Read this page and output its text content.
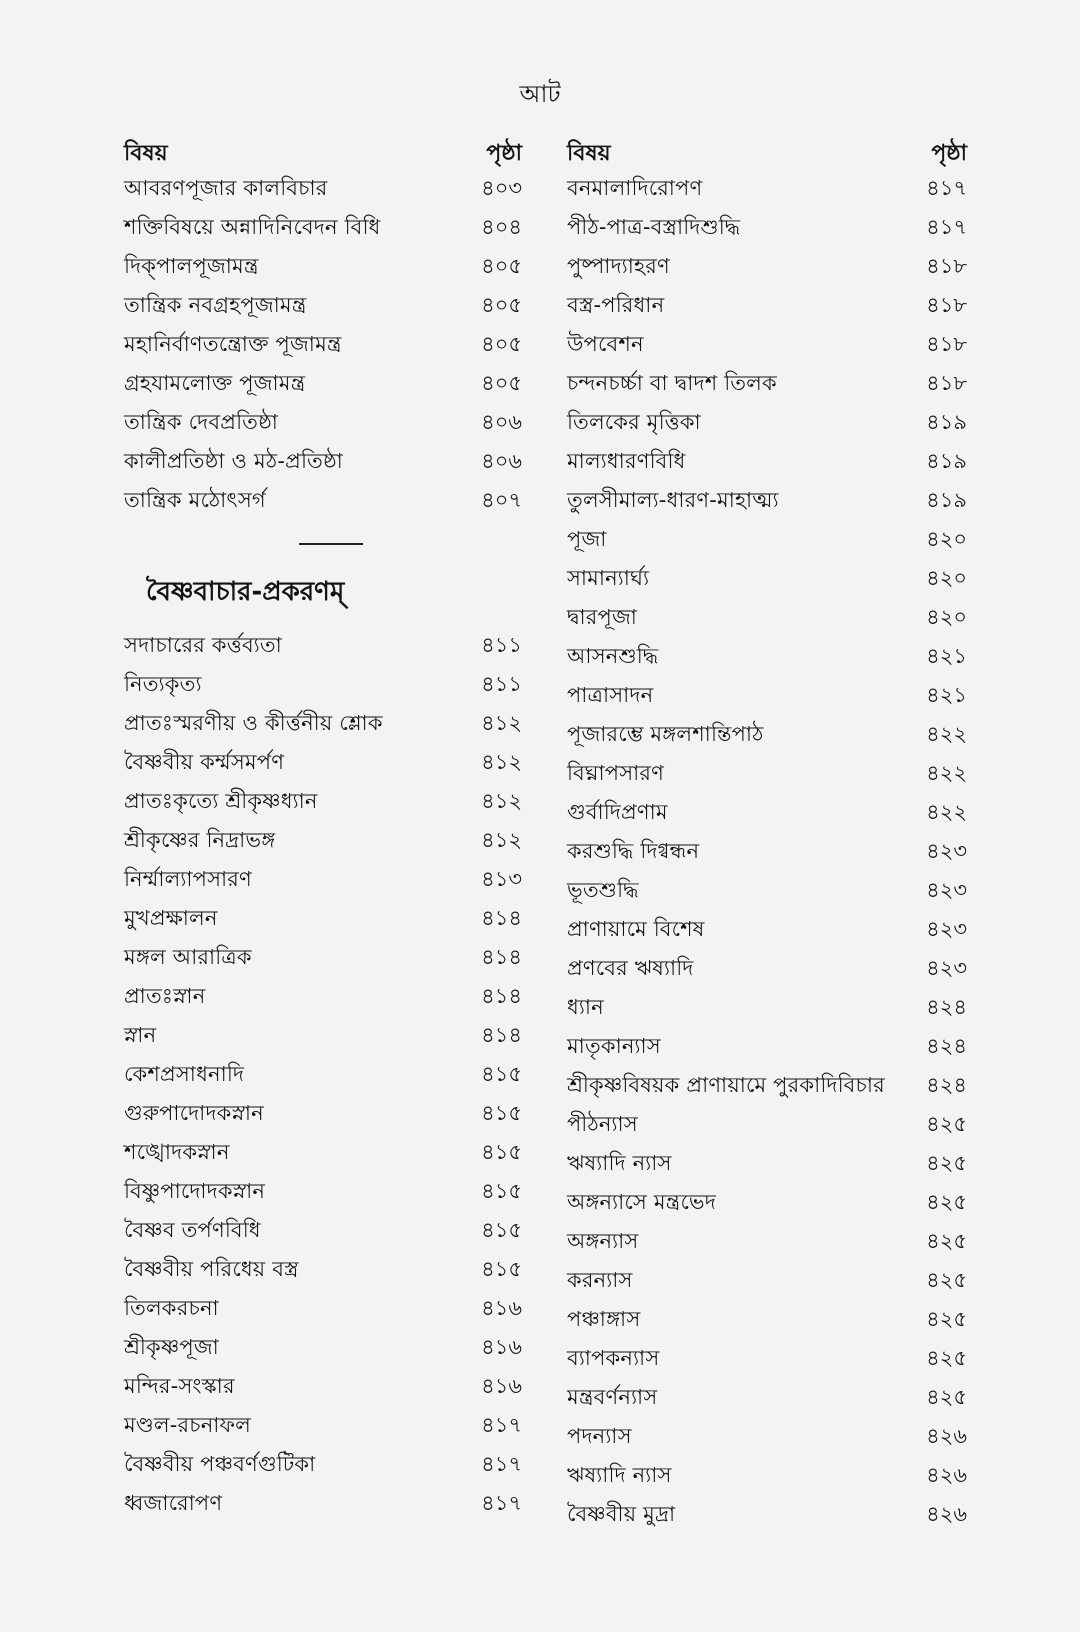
আট
বিষয়	পৃষ্ঠা
আবরণপূজার কালবিচার	৪০৩
শক্তিবিষয়ে অন্নাদিনিবেদন বিধি	৪০৪
দিক্‌পালপূজামন্ত্র	৪০৫
তান্ত্রিক নবগ্রহপূজামন্ত্র	৪০৫
মহানির্বাণতন্ত্রোক্ত পূজামন্ত্র	৪০৫
গ্রহযামলোক্ত পূজামন্ত্র	৪০৫
তান্ত্রিক দেবপ্রতিষ্ঠা	৪০৬
কালীপ্রতিষ্ঠা ও মঠ-প্রতিষ্ঠা	৪০৬
তান্ত্রিক মঠোৎসর্গ	৪০৭
বৈষ্ণবাচার-প্রকরণম্‌
সদাচারের কর্ত্তব্যতা	৪১১
নিত্যকৃত্য	৪১১
প্রাতঃস্মরণীয় ও কীর্ত্তনীয় শ্লোক	৪১২
বৈষ্ণবীয় কর্ম্মসমর্পণ	৪১২
প্রাতঃকৃত্যে শ্রীকৃষ্ণধ্যান	৪১২
শ্রীকৃষ্ণের নিদ্রাভঙ্গ	৪১২
নির্ম্মাল্যাপসারণ	৪১৩
মুখপ্রক্ষালন	৪১৪
মঙ্গল আরাত্রিক	৪১৪
প্রাতঃস্নান	৪১৪
স্নান	৪১৪
কেশপ্রসাধনাদি	৪১৫
গুরুপাদোদকস্নান	৪১৫
শঙ্খোদকস্নান	৪১৫
বিষ্ণুপাদোদকস্নান	৪১৫
বৈষ্ণব তর্পণবিধি	৪১৫
বৈষ্ণবীয় পরিধেয় বস্ত্র	৪১৫
তিলকরচনা	৪১৬
শ্রীকৃষ্ণপূজা	৪১৬
মন্দির-সংস্কার	৪১৬
মণ্ডল-রচনাফল	৪১৭
বৈষ্ণবীয় পঞ্চবর্ণগুটিকা	৪১৭
ধ্বজারোপণ	৪১৭
বিষয়	পৃষ্ঠা
বনমালাদিরোপণ	৪১৭
পীঠ-পাত্র-বস্ত্রাদিশুদ্ধি	৪১৭
পুষ্পাদ্যাহরণ	৪১৮
বস্ত্র-পরিধান	৪১৮
উপবেশন	৪১৮
চন্দনচর্চ্চা বা দ্বাদশ তিলক	৪১৮
তিলকের মৃত্তিকা	৪১৯
মাল্যধারণবিধি	৪১৯
তুলসীমাল্য-ধারণ-মাহাত্ম্য	৪১৯
পূজা	৪২০
সামান্যার্ঘ্য	৪২০
দ্বারপূজা	৪২০
আসনশুদ্ধি	৪২১
পাত্রাসাদন	৪২১
পূজারম্ভে মঙ্গলশান্তিপাঠ	৪২২
বিঘ্নাপসারণ	৪২২
গুর্বাদিপ্রণাম	৪২২
করশুদ্ধি দিগ্বন্ধন	৪২৩
ভূতশুদ্ধি	৪২৩
প্রাণায়ামে বিশেষ	৪২৩
প্রণবের ঋষ্যাদি	৪২৩
ধ্যান	৪২৪
মাতৃকান্যাস	৪২৪
শ্রীকৃষ্ণবিষয়ক প্রাণায়ামে পুরকাদিবিচার ৪২৪
পীঠন্যাস	৪২৫
ঋষ্যাদি ন্যাস	৪২৫
অঙ্গন্যাসে মন্ত্রভেদ	৪২৫
অঙ্গন্যাস	৪২৫
করন্যাস	৪২৫
পঞ্চাঙ্গাস	৪২৫
ব্যাপকন্যাস	৪২৫
মন্ত্রবর্ণন্যাস	৪২৫
পদন্যাস	৪২৬
ঋষ্যাদি ন্যাস	৪২৬
বৈষ্ণবীয় মুদ্রা	৪২৬
